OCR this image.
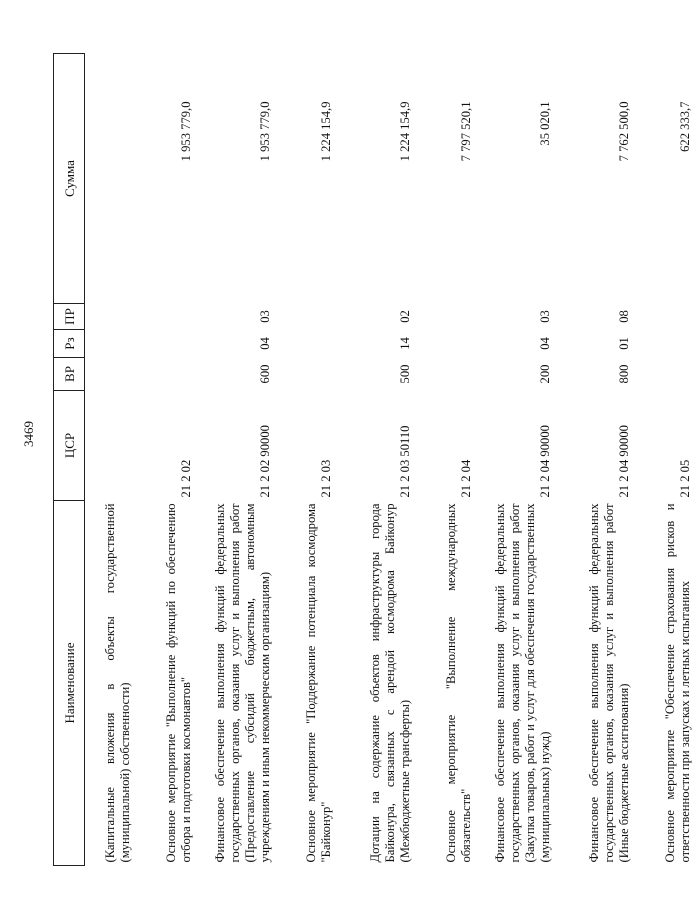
3469
Наименование	ЦСР	ВР	Рз	ПР	Сумма
(Капитальные вложения в объекты государственной (муниципальной) собственности)					
Основное мероприятие "Выполнение функций по обеспечению отбора и подготовки космонавтов"	21 2 02				1 953 779,0
Финансовое обеспечение выполнения функций федеральных государственных органов, оказания услуг и выполнения работ (Предоставление субсидий бюджетным, автономным учреждениям и иным некоммерческим организациям)	21 2 02 90000	600	04	03	1 953 779,0
Основное мероприятие "Поддержание потенциала космодрома "Байконур"	21 2 03				1 224 154,9
Дотации на содержание объектов инфраструктуры города Байконура, связанных с арендой космодрома Байконур (Межбюджетные трансферты)	21 2 03 50110	500	14	02	1 224 154,9
Основное мероприятие "Выполнение международных обязательств"	21 2 04				7 797 520,1
Финансовое обеспечение выполнения функций федеральных государственных органов, оказания услуг и выполнения работ (Закупка товаров, работ и услуг для обеспечения государственных (муниципальных) нужд)	21 2 04 90000	200	04	03	35 020,1
Финансовое обеспечение выполнения функций федеральных государственных органов, оказания услуг и выполнения работ (Иные бюджетные ассигнования)	21 2 04 90000	800	01	08	7 762 500,0
Основное мероприятие "Обеспечение страхования рисков и ответственности при запусках и летных испытаниях	21 2 05				622 333,7
